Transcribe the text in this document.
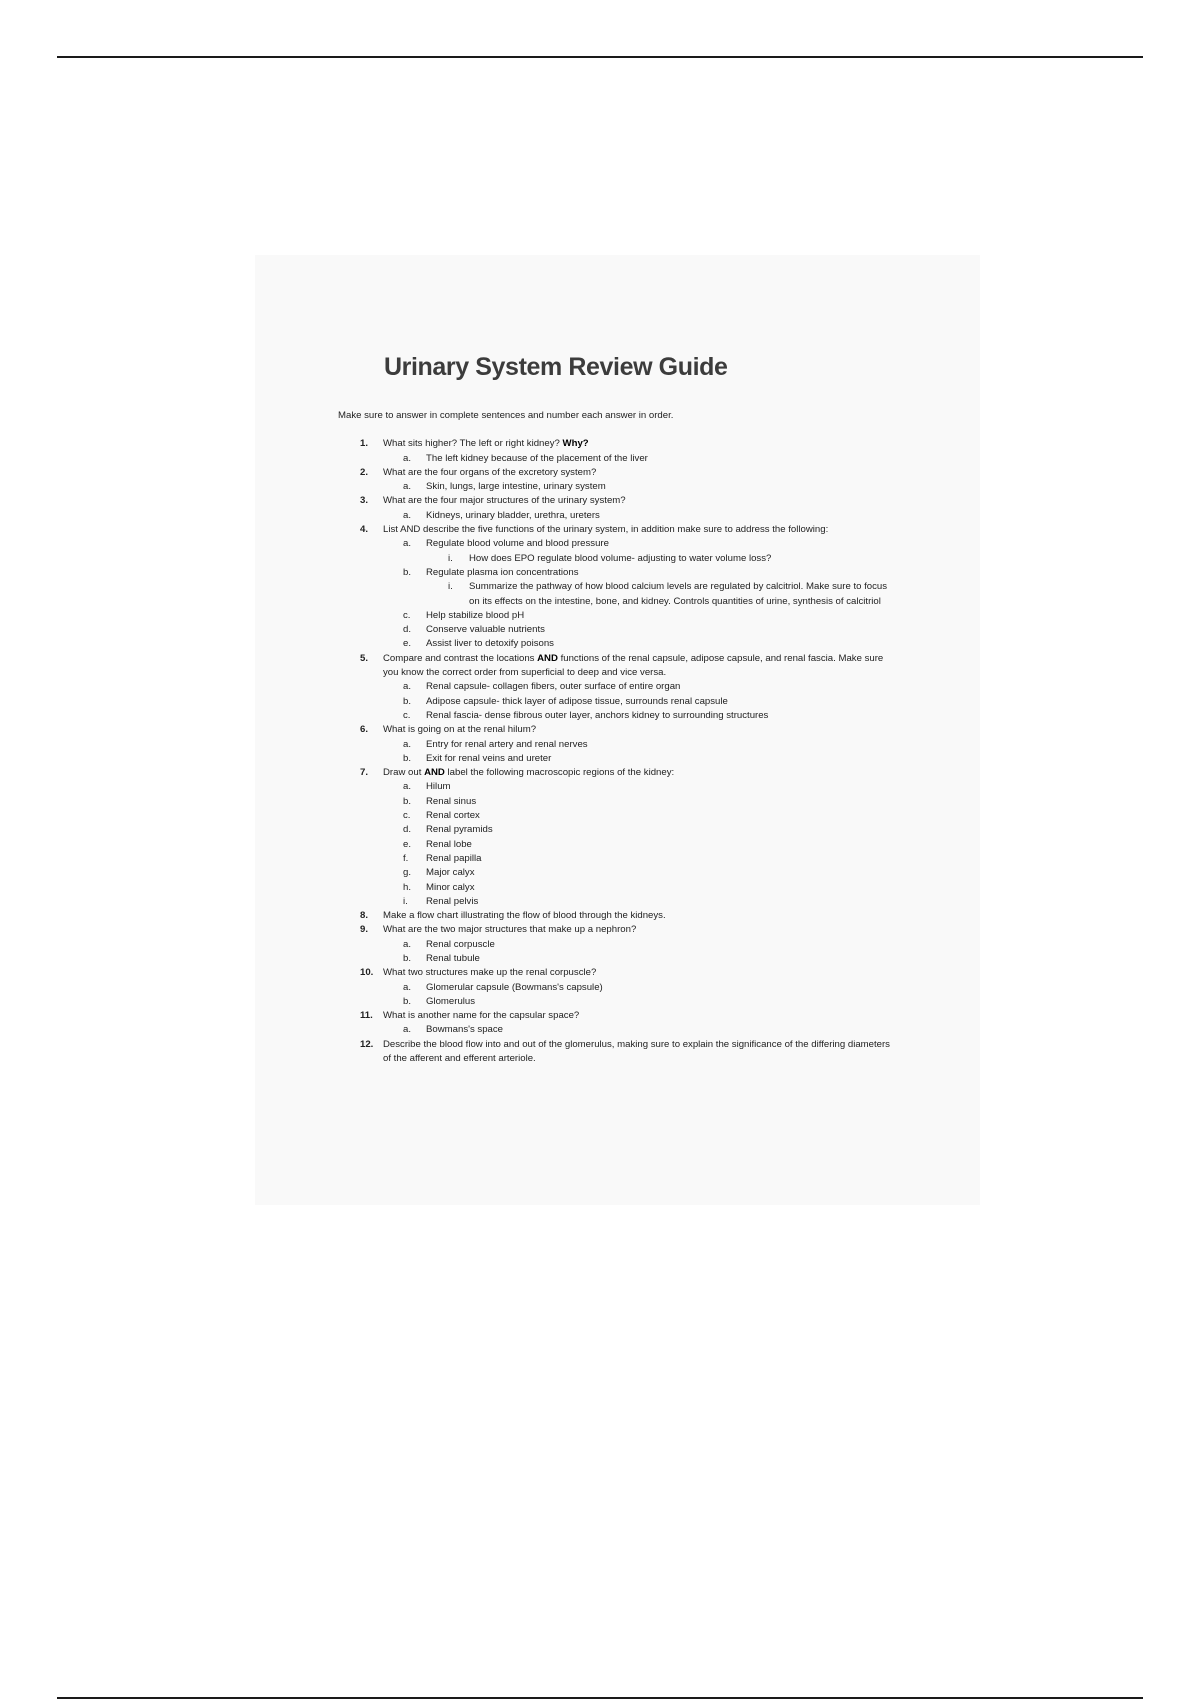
Urinary System Review Guide
Make sure to answer in complete sentences and number each answer in order.
1. What sits higher? The left or right kidney? Why?
a. The left kidney because of the placement of the liver
2. What are the four organs of the excretory system?
a. Skin, lungs, large intestine, urinary system
3. What are the four major structures of the urinary system?
a. Kidneys, urinary bladder, urethra, ureters
4. List AND describe the five functions of the urinary system, in addition make sure to address the following:
a. Regulate blood volume and blood pressure
i. How does EPO regulate blood volume- adjusting to water volume loss?
b. Regulate plasma ion concentrations
i. Summarize the pathway of how blood calcium levels are regulated by calcitriol. Make sure to focus on its effects on the intestine, bone, and kidney. Controls quantities of urine, synthesis of calcitriol
c. Help stabilize blood pH
d. Conserve valuable nutrients
e. Assist liver to detoxify poisons
5. Compare and contrast the locations AND functions of the renal capsule, adipose capsule, and renal fascia. Make sure you know the correct order from superficial to deep and vice versa.
a. Renal capsule- collagen fibers, outer surface of entire organ
b. Adipose capsule- thick layer of adipose tissue, surrounds renal capsule
c. Renal fascia- dense fibrous outer layer, anchors kidney to surrounding structures
6. What is going on at the renal hilum?
a. Entry for renal artery and renal nerves
b. Exit for renal veins and ureter
7. Draw out AND label the following macroscopic regions of the kidney:
a. Hilum
b. Renal sinus
c. Renal cortex
d. Renal pyramids
e. Renal lobe
f. Renal papilla
g. Major calyx
h. Minor calyx
i. Renal pelvis
8. Make a flow chart illustrating the flow of blood through the kidneys.
9. What are the two major structures that make up a nephron?
a. Renal corpuscle
b. Renal tubule
10. What two structures make up the renal corpuscle?
a. Glomerular capsule (Bowmans's capsule)
b. Glomerulus
11. What is another name for the capsular space?
a. Bowmans's space
12. Describe the blood flow into and out of the glomerulus, making sure to explain the significance of the differing diameters of the afferent and efferent arteriole.
